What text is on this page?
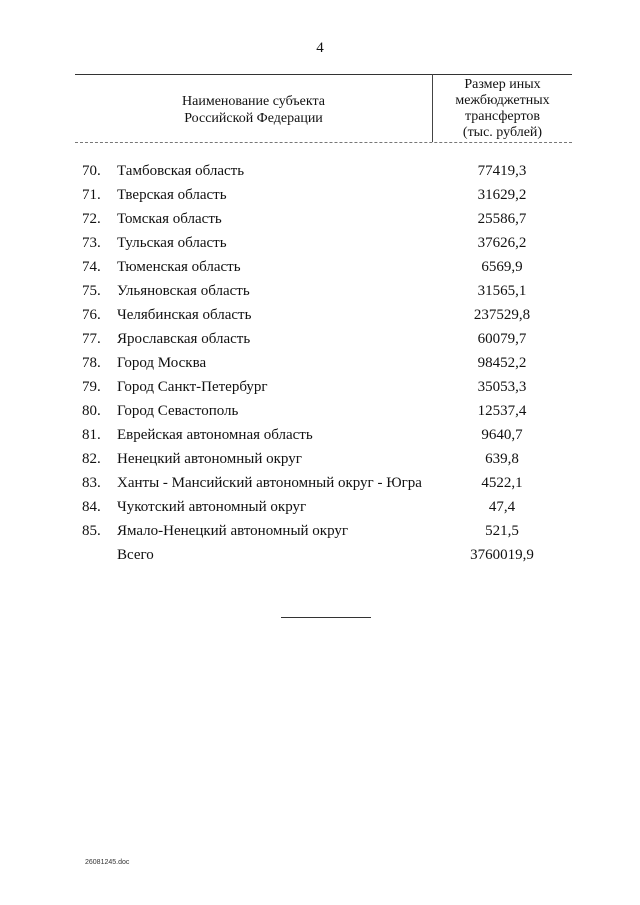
4
Наименование субъекта
Российской Федерации
Размер иных
межбюджетных
трансфертов
(тыс. рублей)
70.	Тамбовская область	77419,3
71.	Тверская область	31629,2
72.	Томская область	25586,7
73.	Тульская область	37626,2
74.	Тюменская область	6569,9
75.	Ульяновская область	31565,1
76.	Челябинская область	237529,8
77.	Ярославская область	60079,7
78.	Город Москва	98452,2
79.	Город Санкт-Петербург	35053,3
80.	Город Севастополь	12537,4
81.	Еврейская автономная область	9640,7
82.	Ненецкий автономный округ	639,8
83.	Ханты - Мансийский автономный округ - Югра	4522,1
84.	Чукотский автономный округ	47,4
85.	Ямало-Ненецкий автономный округ	521,5
Всего	3760019,9
26081245.doc
